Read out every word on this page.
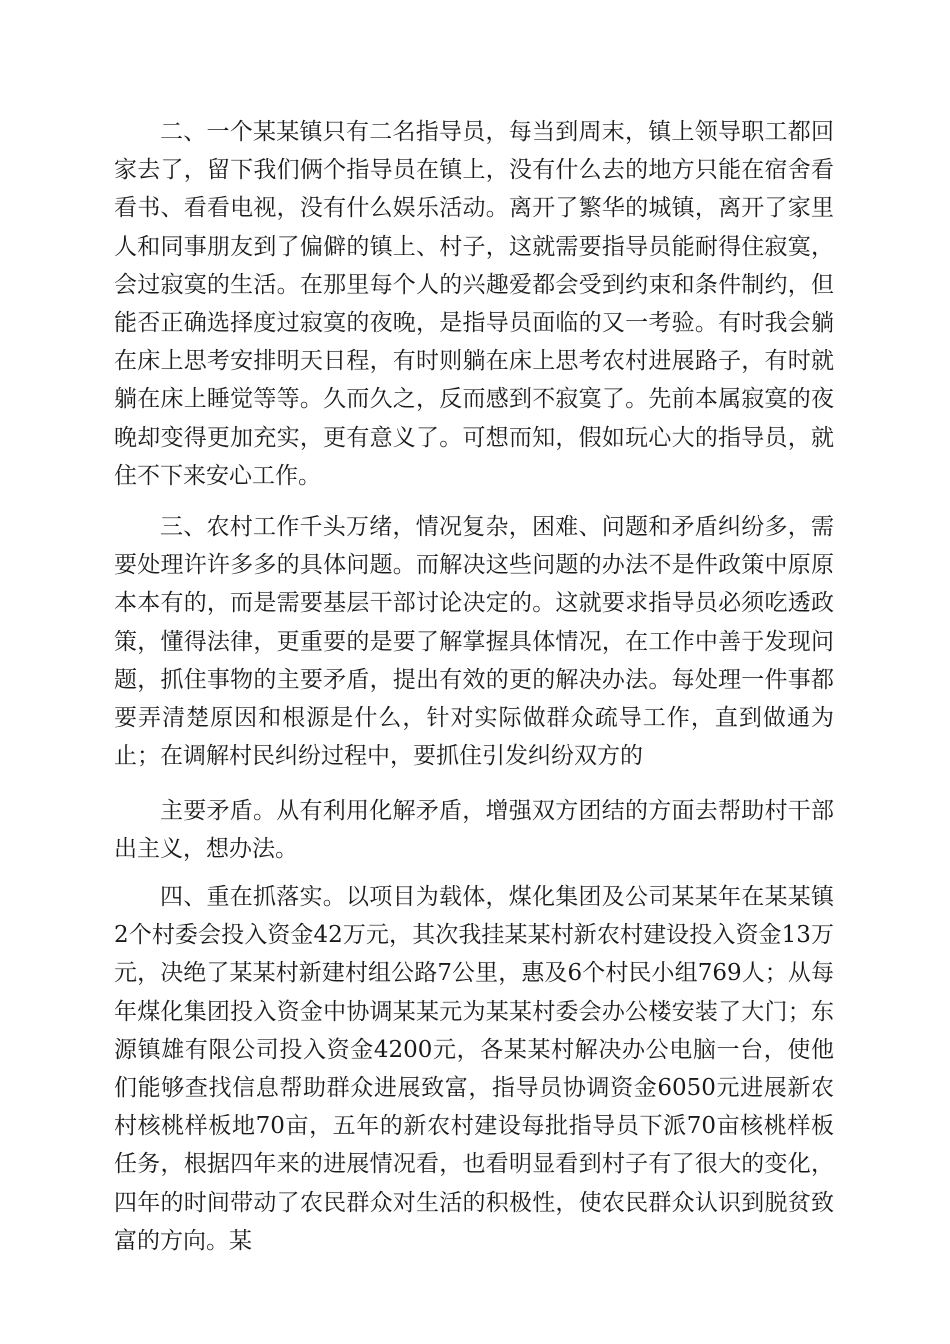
二、一个某某镇只有二名指导员，每当到周末，镇上领导职工都回家去了，留下我们俩个指导员在镇上，没有什么去的地方只能在宿舍看看书、看看电视，没有什么娱乐活动。离开了繁华的城镇，离开了家里人和同事朋友到了偏僻的镇上、村子，这就需要指导员能耐得住寂寞，会过寂寞的生活。在那里每个人的兴趣爱都会受到约束和条件制约，但能否正确选择度过寂寞的夜晚，是指导员面临的又一考验。有时我会躺在床上思考安排明天日程，有时则躺在床上思考农村进展路子，有时就躺在床上睡觉等等。久而久之，反而感到不寂寞了。先前本属寂寞的夜晚却变得更加充实，更有意义了。可想而知，假如玩心大的指导员，就住不下来安心工作。

三、农村工作千头万绪，情况复杂，困难、问题和矛盾纠纷多，需要处理许许多多的具体问题。而解决这些问题的办法不是件政策中原原本本有的，而是需要基层干部讨论决定的。这就要求指导员必须吃透政策，懂得法律，更重要的是要了解掌握具体情况，在工作中善于发现问题，抓住事物的主要矛盾，提出有效的更的解决办法。每处理一件事都要弄清楚原因和根源是什么，针对实际做群众疏导工作，直到做通为止；在调解村民纠纷过程中，要抓住引发纠纷双方的

主要矛盾。从有利用化解矛盾，增强双方团结的方面去帮助村干部出主义，想办法。

四、重在抓落实。以项目为载体，煤化集团及公司某某年在某某镇2个村委会投入资金42万元，其次我挂某某村新农村建设投入资金13万元，决绝了某某村新建村组公路7公里，惠及6个村民小组769人；从每年煤化集团投入资金中协调某某元为某某村委会办公楼安装了大门；东源镇雄有限公司投入资金4200元，各某某村解决办公电脑一台，使他们能够查找信息帮助群众进展致富，指导员协调资金6050元进展新农村核桃样板地70亩，五年的新农村建设每批指导员下派70亩核桃样板任务，根据四年来的进展情况看，也看明显看到村子有了很大的变化，四年的时间带动了农民群众对生活的积极性，使农民群众认识到脱贫致富的方向。某
